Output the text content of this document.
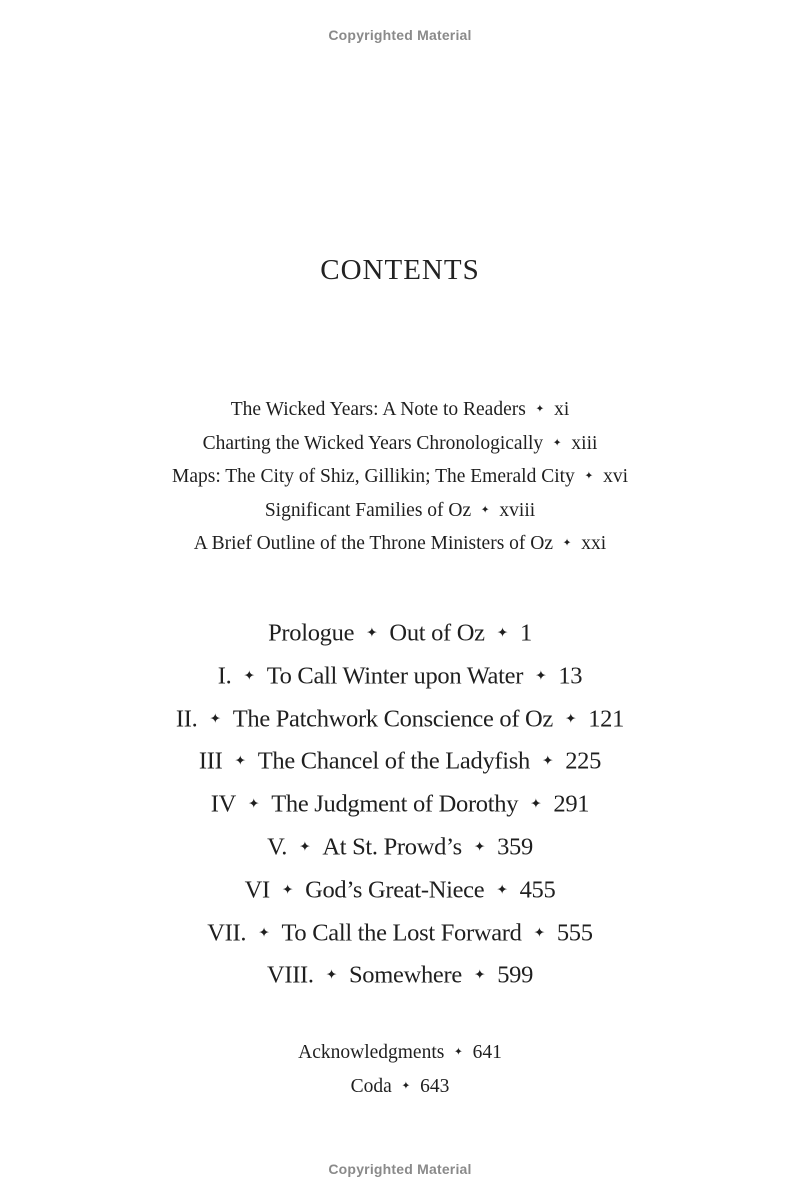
Copyrighted Material
CONTENTS
The Wicked Years: A Note to Readers ✦ xi
Charting the Wicked Years Chronologically ✦ xiii
Maps: The City of Shiz, Gillikin; The Emerald City ✦ xvi
Significant Families of Oz ✦ xviii
A Brief Outline of the Throne Ministers of Oz ✦ xxi
Prologue ✦ Out of Oz ✦ 1
I. ✦ To Call Winter upon Water ✦ 13
II. ✦ The Patchwork Conscience of Oz ✦ 121
III ✦ The Chancel of the Ladyfish ✦ 225
IV ✦ The Judgment of Dorothy ✦ 291
V. ✦ At St. Prowd’s ✦ 359
VI ✦ God’s Great-Niece ✦ 455
VII. ✦ To Call the Lost Forward ✦ 555
VIII. ✦ Somewhere ✦ 599
Acknowledgments ✦ 641
Coda ✦ 643
Copyrighted Material
